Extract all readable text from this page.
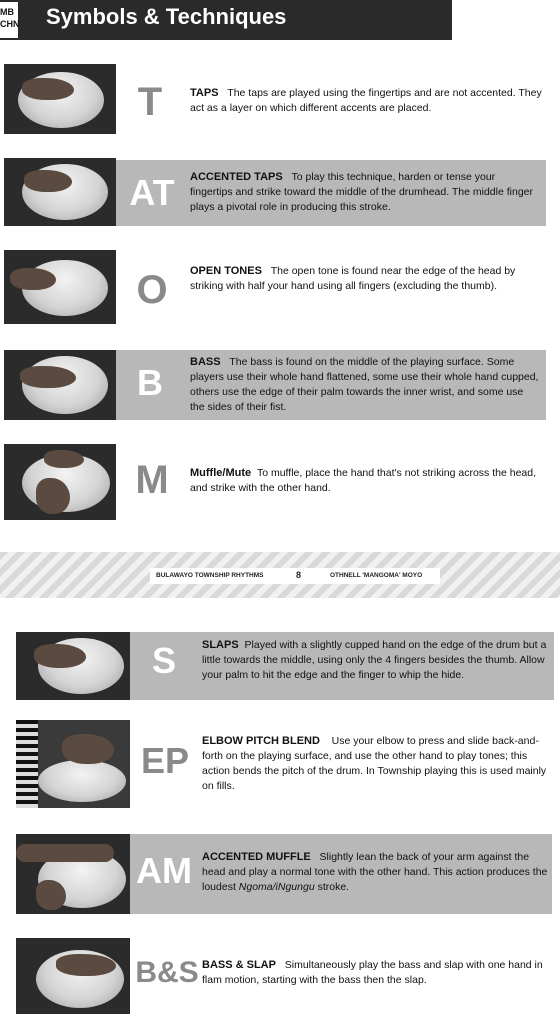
MB
CHN Symbols & Techniques
T	TAPS The taps are played using the fingertips and are not accented. They act as a layer on which different accents are placed.
AT	ACCENTED TAPS To play this technique, harden or tense your fingertips and strike toward the middle of the drumhead. The middle finger plays a pivotal role in producing this stroke.
O	OPEN TONES The open tone is found near the edge of the head by striking with half your hand using all fingers (excluding the thumb).
B	BASS The bass is found on the middle of the playing surface. Some players use their whole hand flattened, some use their whole hand cupped, others use the edge of their palm towards the inner wrist, and some use the sides of their fist.
M	Muffle/Mute To muffle, place the hand that's not striking across the head, and strike with the other hand.
BULAWAYO TOWNSHIP RHYTHMS	8	OTHNELL 'MANGOMA' MOYO
S	SLAPS Played with a slightly cupped hand on the edge of the drum but a little towards the middle, using only the 4 fingers besides the thumb. Allow your palm to hit the edge and the finger to whip the hide.
EP	ELBOW PITCH BLEND Use your elbow to press and slide back-and-forth on the playing surface, and use the other hand to play tones; this action bends the pitch of the drum. In Township playing this is used mainly on fills.
AM ACCENTED MUFFLE Slightly lean the back of your arm against the head and play a normal tone with the other hand. This action produces the loudest Ngoma/iNgungu stroke.
B&S BASS & SLAP Simultaneously play the bass and slap with one hand in flam motion, starting with the bass then the slap.
